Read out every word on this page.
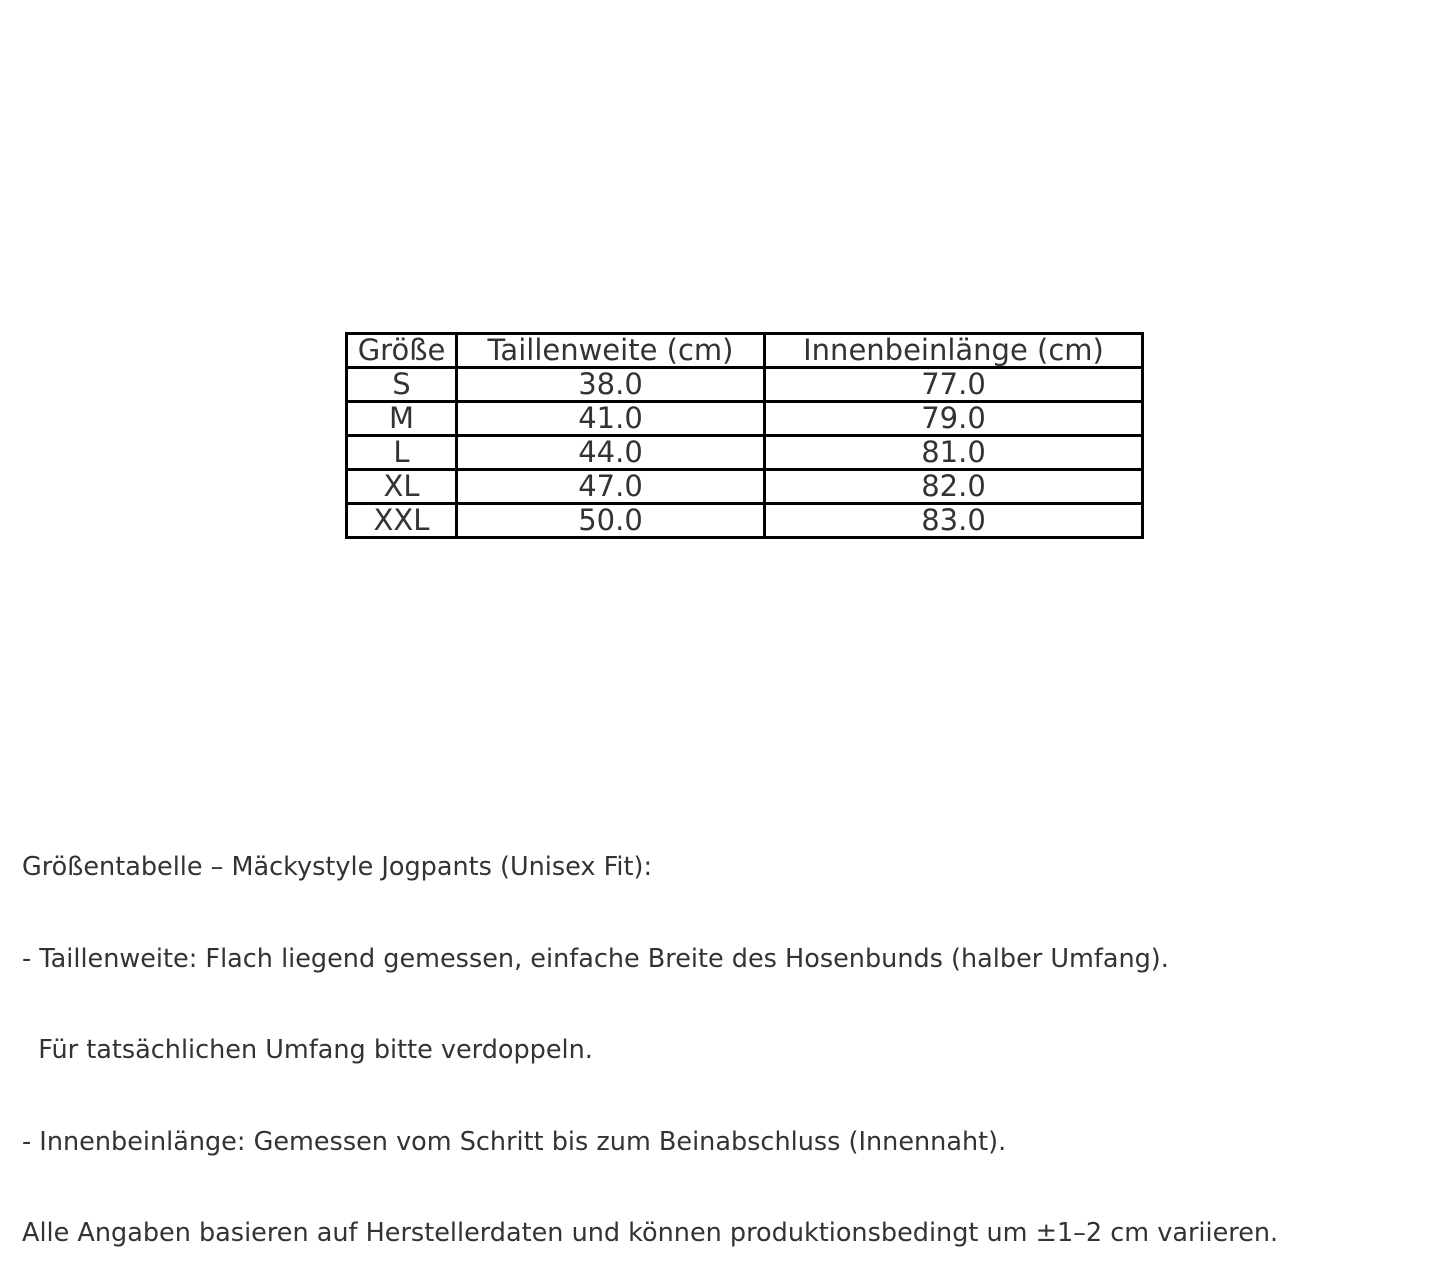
Größe	Taillenweite (cm)	Innenbeinlänge (cm)
S	38.0	77.0
M	41.0	79.0
L	44.0	81.0
XL	47.0	82.0
XXL	50.0	83.0

Größentabelle – Mäckystyle Jogpants (Unisex Fit):

- Taillenweite: Flach liegend gemessen, einfache Breite des Hosenbunds (halber Umfang).

Für tatsächlichen Umfang bitte verdoppeln.

- Innenbeinlänge: Gemessen vom Schritt bis zum Beinabschluss (Innennaht).

Alle Angaben basieren auf Herstellerdaten und können produktionsbedingt um ±1–2 cm variieren.
